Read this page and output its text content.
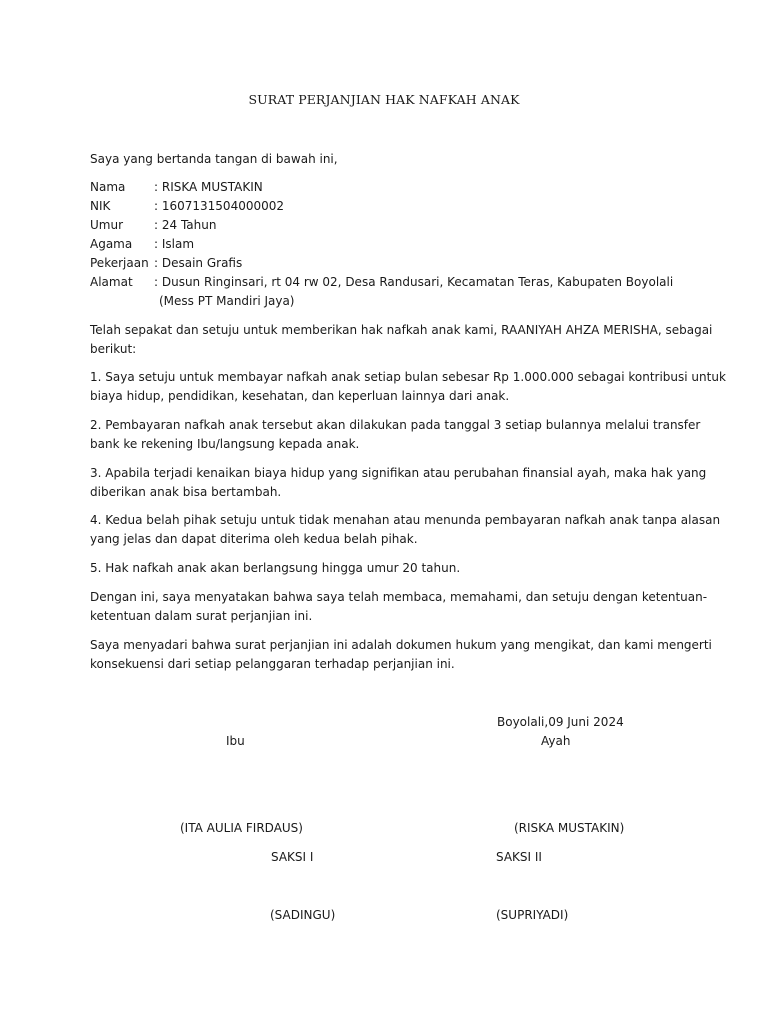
SURAT PERJANJIAN HAK NAFKAH ANAK
Saya yang bertanda tangan di bawah ini,
Nama	: RISKA MUSTAKIN
NIK	: 1607131504000002
Umur	: 24 Tahun
Agama	: Islam
Pekerjaan : Desain Grafis
Alamat	: Dusun Ringinsari, rt 04 rw 02, Desa Randusari, Kecamatan Teras, Kabupaten Boyolali
(Mess PT Mandiri Jaya)
Telah sepakat dan setuju untuk memberikan hak nafkah anak kami, RAANIYAH AHZA MERISHA, sebagai
berikut:
1. Saya setuju untuk membayar nafkah anak setiap bulan sebesar Rp 1.000.000 sebagai kontribusi untuk
biaya hidup, pendidikan, kesehatan, dan keperluan lainnya dari anak.
2. Pembayaran nafkah anak tersebut akan dilakukan pada tanggal 3 setiap bulannya melalui transfer
bank ke rekening Ibu/langsung kepada anak.
3. Apabila terjadi kenaikan biaya hidup yang signifikan atau perubahan finansial ayah, maka hak yang
diberikan anak bisa bertambah.
4. Kedua belah pihak setuju untuk tidak menahan atau menunda pembayaran nafkah anak tanpa alasan
yang jelas dan dapat diterima oleh kedua belah pihak.
5. Hak nafkah anak akan berlangsung hingga umur 20 tahun.
Dengan ini, saya menyatakan bahwa saya telah membaca, memahami, dan setuju dengan ketentuan-
ketentuan dalam surat perjanjian ini.
Saya menyadari bahwa surat perjanjian ini adalah dokumen hukum yang mengikat, dan kami mengerti
konsekuensi dari setiap pelanggaran terhadap perjanjian ini.
Boyolali,09 Juni 2024
Ibu	Ayah
(ITA AULIA FIRDAUS)	(RISKA MUSTAKIN)
SAKSI I	SAKSI II
(SADINGU)	(SUPRIYADI)
